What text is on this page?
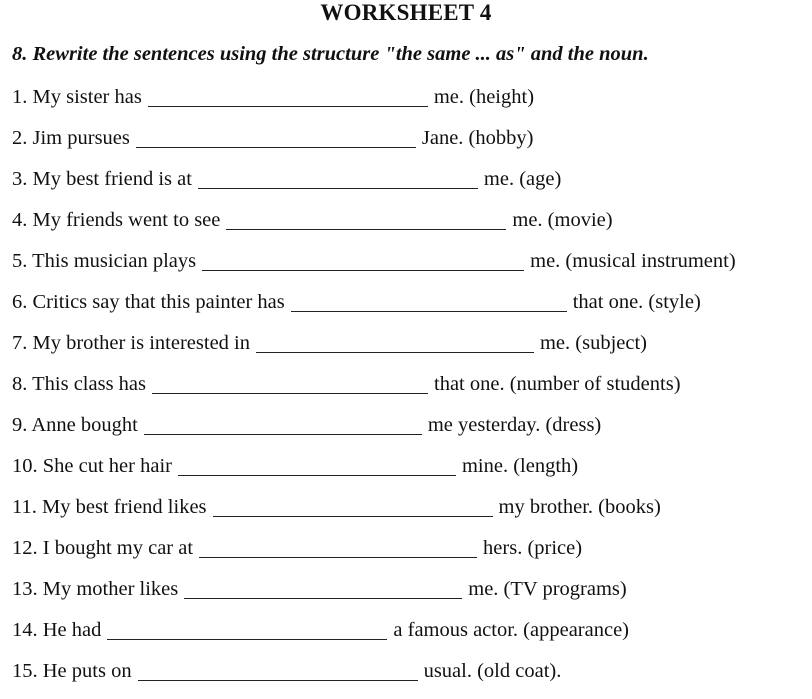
WORKSHEET 4
8. Rewrite the sentences using the structure "the same ... as" and the noun.
1. My sister has	me. (height)
2. Jim pursues	Jane. (hobby)
3. My best friend is at	me. (age)
4. My friends went to see	me. (movie)
5. This musician plays	me. (musical instrument)
6. Critics say that this painter has	that one. (style)
7. My brother is interested in	me. (subject)
8. This class has	that one. (number of students)
9. Anne bought	me yesterday. (dress)
10. She cut her hair	mine. (length)
11. My best friend likes	my brother. (books)
12. I bought my car at	hers. (price)
13. My mother likes	me. (TV programs)
14. He had	a famous actor. (appearance)
15. He puts on	usual. (old coat).
